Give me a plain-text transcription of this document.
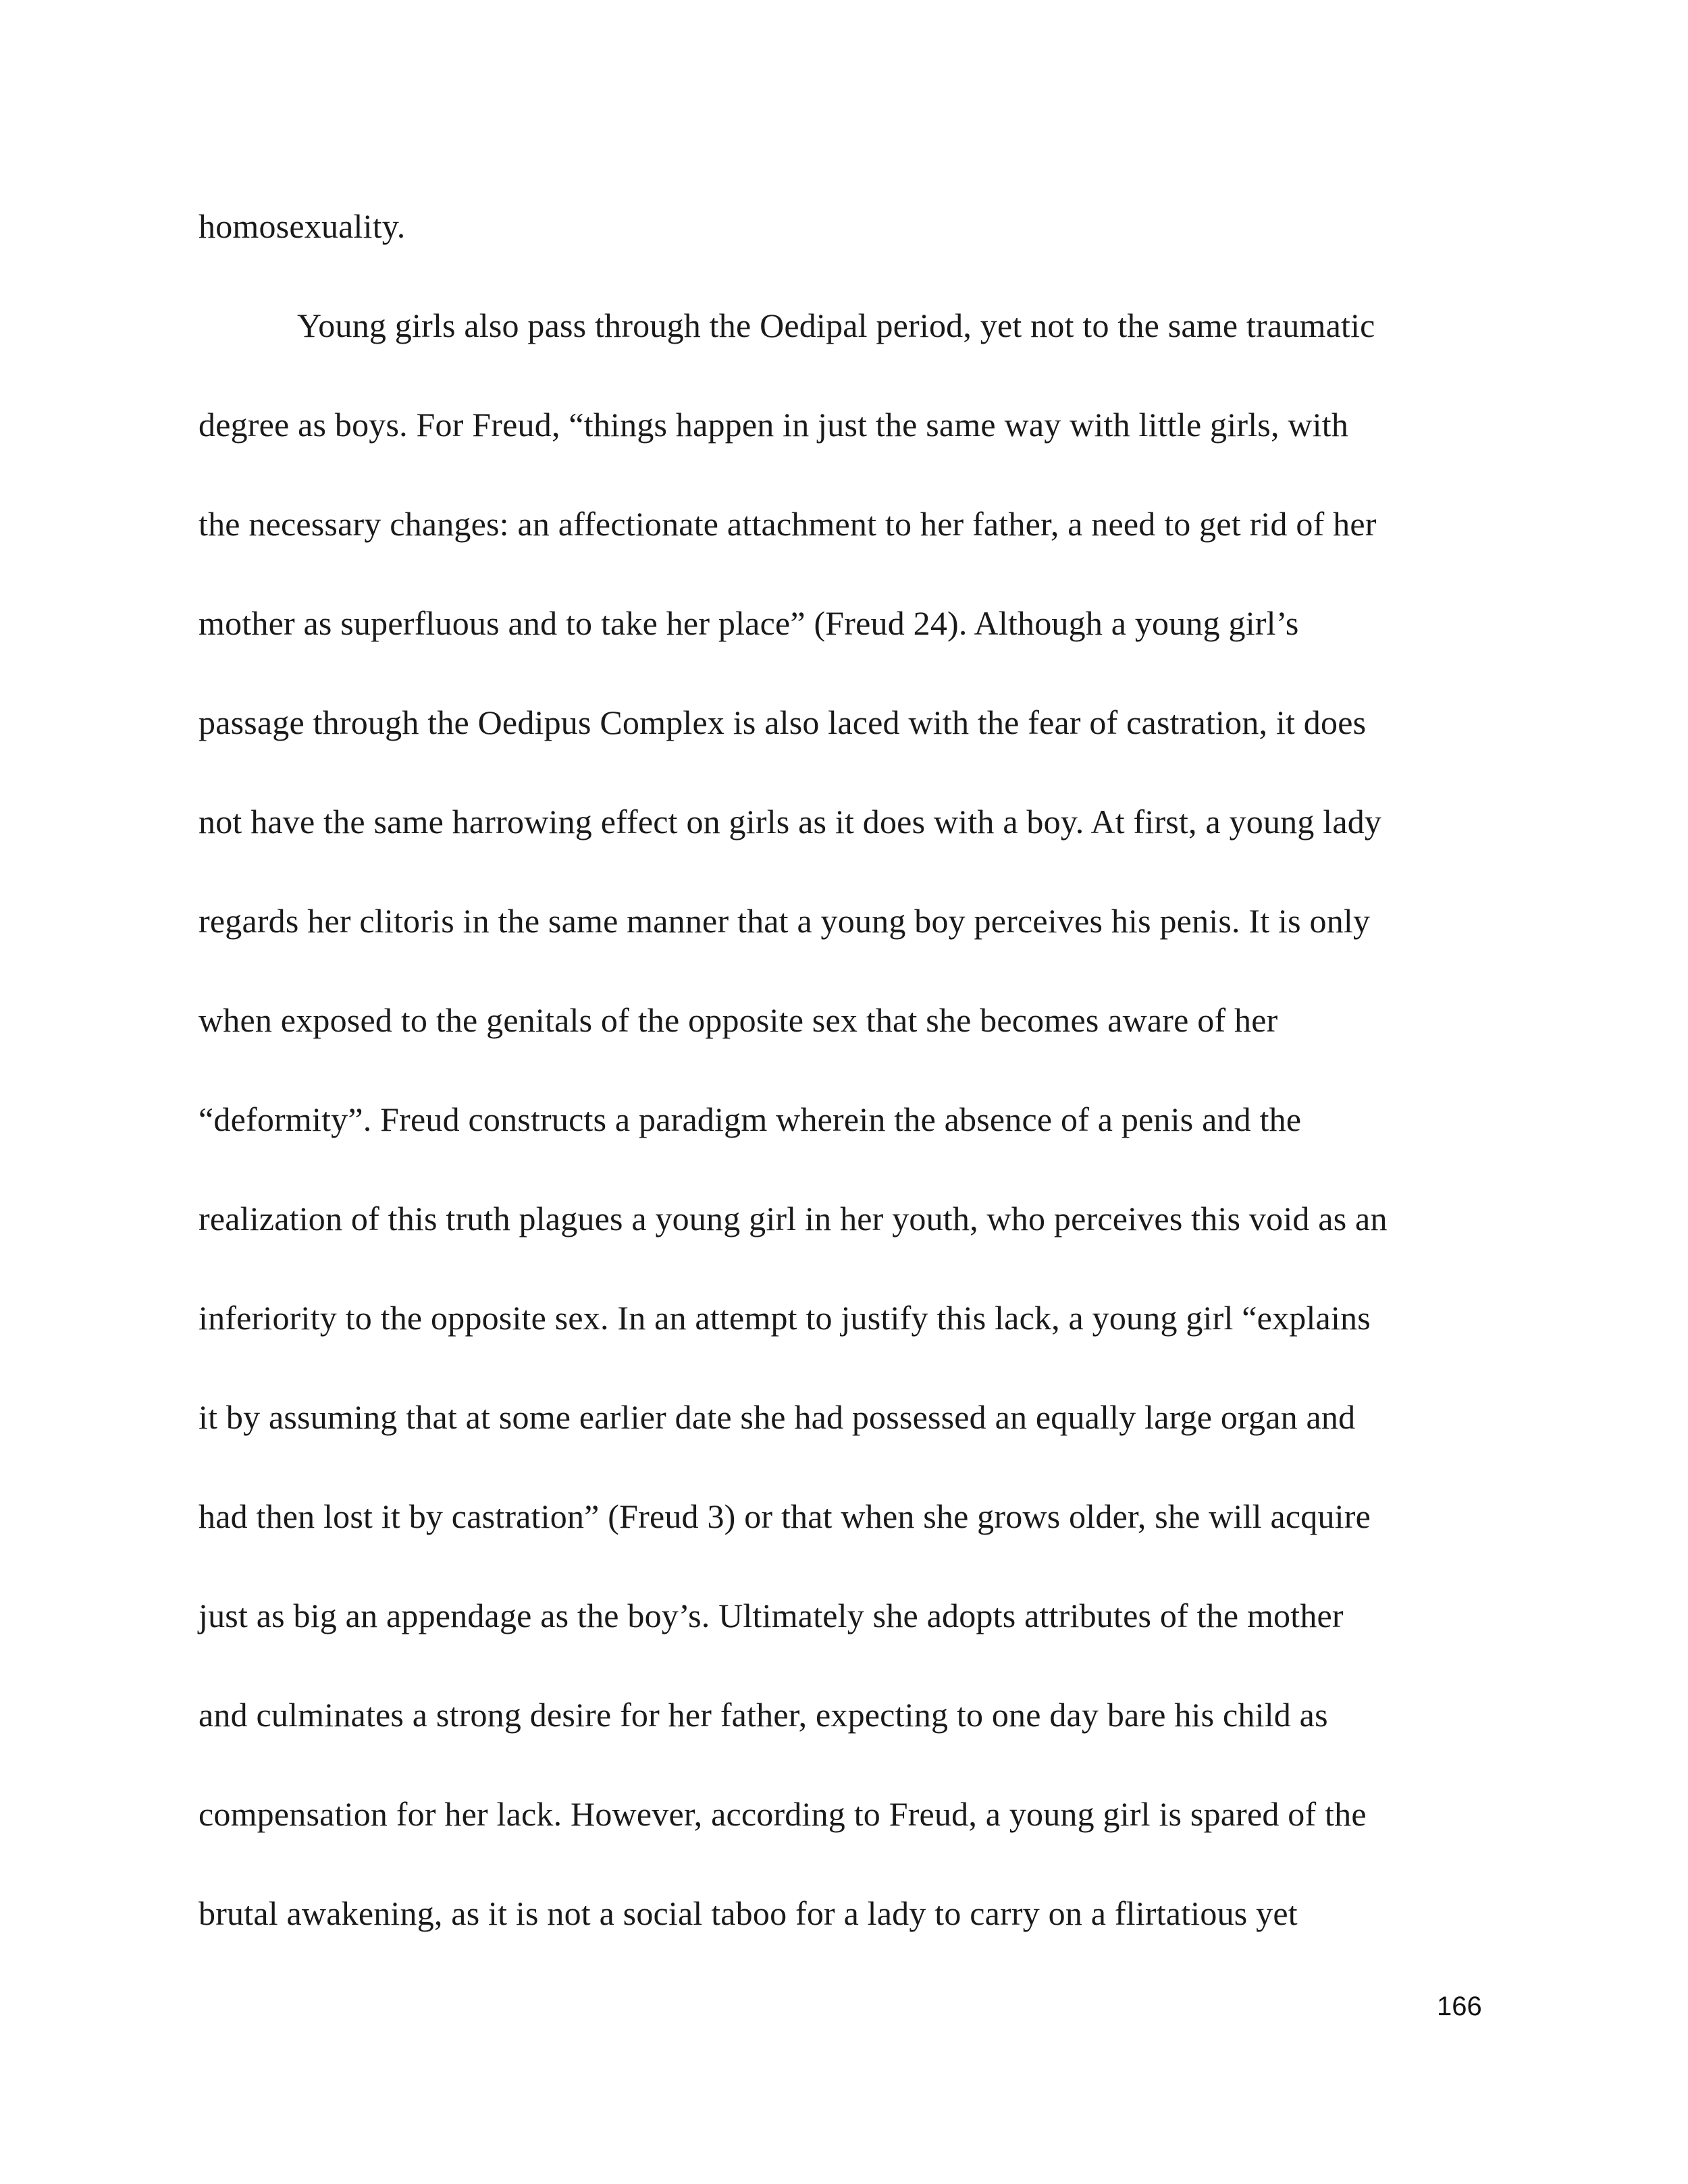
homosexuality.
Young girls also pass through the Oedipal period, yet not to the same traumatic
degree as boys. For Freud, “things happen in just the same way with little girls, with
the necessary changes: an affectionate attachment to her father, a need to get rid of her
mother as superfluous and to take her place” (Freud 24). Although a young girl’s
passage through the Oedipus Complex is also laced with the fear of castration, it does
not have the same harrowing effect on girls as it does with a boy. At first, a young lady
regards her clitoris in the same manner that a young boy perceives his penis. It is only
when exposed to the genitals of the opposite sex that she becomes aware of her
“deformity”. Freud constructs a paradigm wherein the absence of a penis and the
realization of this truth plagues a young girl in her youth, who perceives this void as an
inferiority to the opposite sex. In an attempt to justify this lack, a young girl “explains
it by assuming that at some earlier date she had possessed an equally large organ and
had then lost it by castration” (Freud 3) or that when she grows older, she will acquire
just as big an appendage as the boy’s. Ultimately she adopts attributes of the mother
and culminates a strong desire for her father, expecting to one day bare his child as
compensation for her lack. However, according to Freud, a young girl is spared of the
brutal awakening, as it is not a social taboo for a lady to carry on a flirtatious yet
166
